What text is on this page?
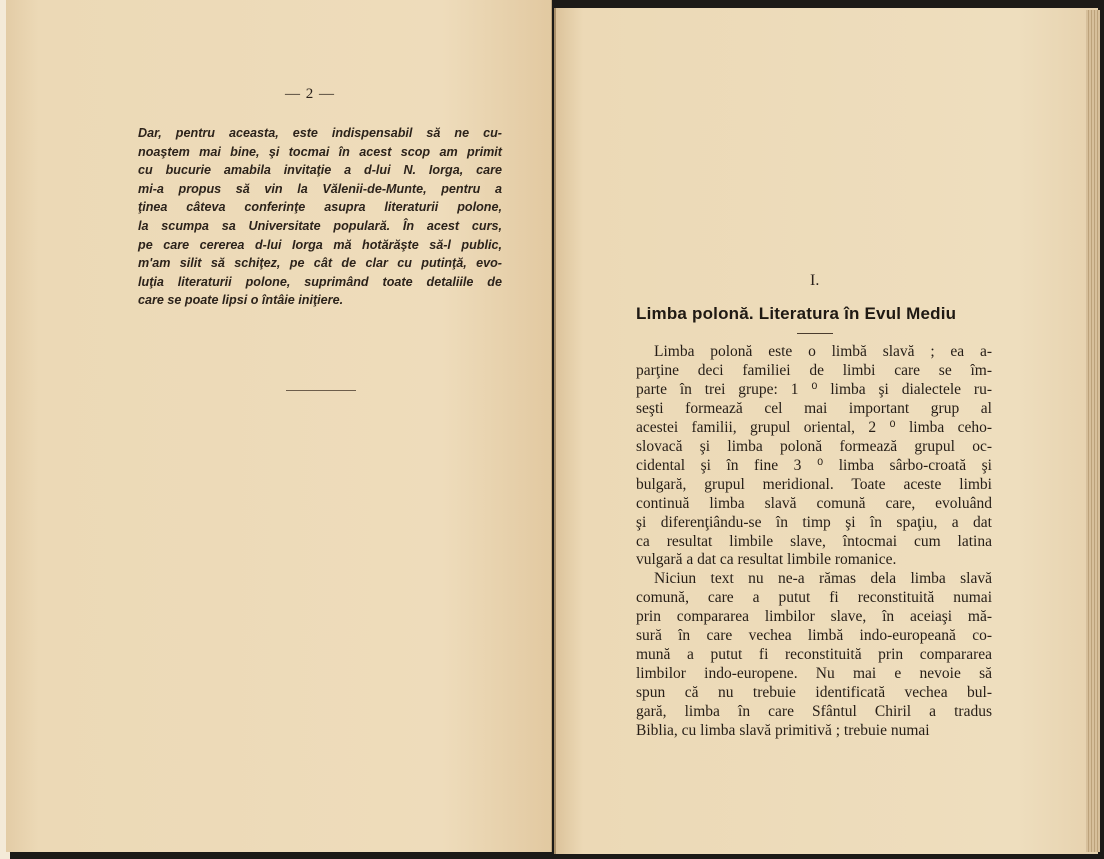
— 2 —
Dar, pentru aceasta, este indispensabil să ne cu-
noaştem mai bine, şi tocmai în acest scop am primit
cu bucurie amabila invitaţie a d-lui N. Iorga, care
mi-a propus să vin la Vălenii-de-Munte, pentru a
ţinea câteva conferinţe asupra literaturii polone,
la scumpa sa Universitate populară. În acest curs,
pe care cererea d-lui Iorga mă hotărăşte să-l public,
m'am silit să schiţez, pe cât de clar cu putinţă, evo-
luţia literaturii polone, suprimând toate detaliile de
care se poate lipsi o întâie iniţiere.
I.
Limba polonă. Literatura în Evul Mediu
Limba polonă este o limbă slavă ; ea a-
parţine deci familiei de limbi care se îm-
parte în trei grupe: 1 ⁰ limba şi dialectele ru-
seşti formează cel mai important grup al
acestei familii, grupul oriental, 2 ⁰ limba ceho-
slovacă şi limba polonă formează grupul oc-
cidental şi în fine 3 ⁰ limba sârbo-croată şi
bulgară, grupul meridional. Toate aceste limbi
continuă limba slavă comună care, evoluând
şi diferenţiându-se în timp şi în spaţiu, a dat
ca resultat limbile slave, întocmai cum latina
vulgară a dat ca resultat limbile romanice.
Niciun text nu ne-a rămas dela limba slavă
comună, care a putut fi reconstituită numai
prin compararea limbilor slave, în aceiaşi mă-
sură în care vechea limbă indo-europeană co-
mună a putut fi reconstituită prin compararea
limbilor indo-europene. Nu mai e nevoie să
spun că nu trebuie identificată vechea bul-
gară, limba în care Sfântul Chiril a tradus
Biblia, cu limba slavă primitivă ; trebuie numai
